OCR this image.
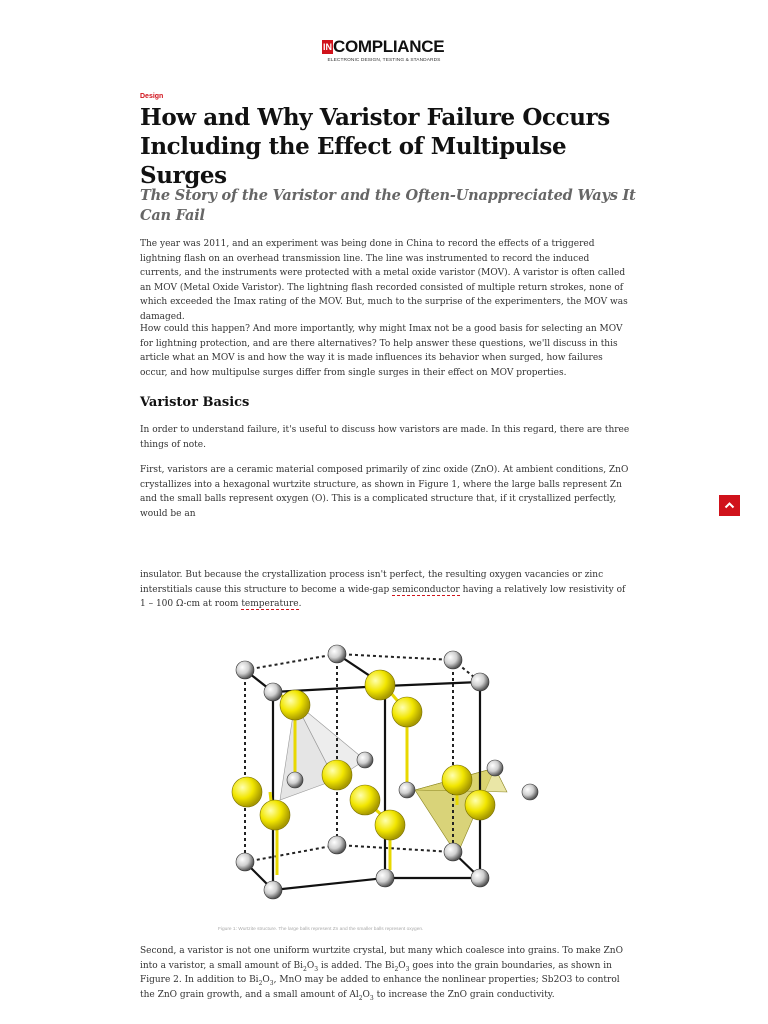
IN COMPLIANCE
ELECTRONIC DESIGN, TESTING & STANDARDS
Design
How and Why Varistor Failure Occurs Including the Effect of Multipulse Surges
The Story of the Varistor and the Often-Unappreciated Ways It Can Fail

The year was 2011, and an experiment was being done in China to record the effects of a triggered lightning flash on an overhead transmission line. The line was instrumented to record the induced currents, and the instruments were protected with a metal oxide varistor (MOV). A varistor is often called an MOV (Metal Oxide Varistor). The lightning flash recorded consisted of multiple return strokes, none of which exceeded the Imax rating of the MOV. But, much to the surprise of the experimenters, the MOV was damaged.

How could this happen? And more importantly, why might Imax not be a good basis for selecting an MOV for lightning protection, and are there alternatives? To help answer these questions, we'll discuss in this article what an MOV is and how the way it is made influences its behavior when surged, how failures occur, and how multipulse surges differ from single surges in their effect on MOV properties.

Varistor Basics

In order to understand failure, it's useful to discuss how varistors are made. In this regard, there are three things of note.

First, varistors are a ceramic material composed primarily of zinc oxide (ZnO). At ambient conditions, ZnO crystallizes into a hexagonal wurtzite structure, as shown in Figure 1, where the large balls represent Zn and the small balls represent oxygen (O). This is a complicated structure that, if it crystallized perfectly, would be an

insulator. But because the crystallization process isn't perfect, the resulting oxygen vacancies or zinc interstitials cause this structure to become a wide-gap semiconductor having a relatively low resistivity of 1 – 100 Ω-cm at room temperature.

Figure 1: Wurtzite structure. The large balls represent Zn and the smaller balls represent oxygen.

Second, a varistor is not one uniform wurtzite crystal, but many which coalesce into grains. To make ZnO into a varistor, a small amount of $Bi_2O_3$ is added. The $Bi_2O_3$ goes into the grain boundaries, as shown in Figure 2. In addition to $Bi_2O_3$, MnO may be added to enhance the nonlinear properties; Sb2O3 to control the ZnO grain growth, and a small amount of $Al_2O_3$ to increase the ZnO grain conductivity.
